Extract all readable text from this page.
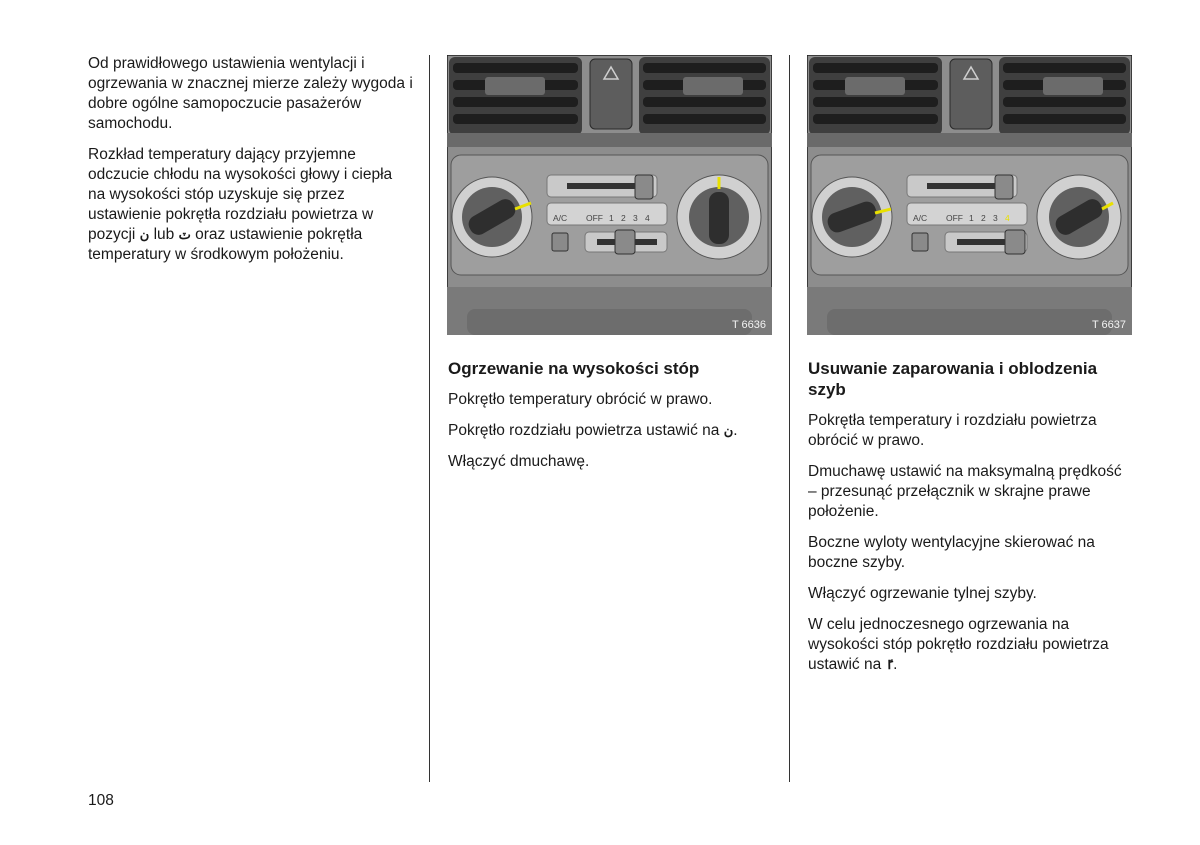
Od prawidłowego ustawienia wentylacji i ogrzewania w znacznej mierze zależy wygoda i dobre ogólne samopoczucie pasażerów samochodu.

Rozkład temperatury dający przyjemne odczucie chłodu na wysokości głowy i ciepła na wysokości stóp uzyskuje się przez ustawienie pokrętła rozdziału powietrza w pozycji ن lub ٽ oraz ustawienie pokrętła temperatury w środkowym położeniu.

A/C OFF 1 2 3 4
T 6636
A/C OFF 1 2 3 4
T 6637

Ogrzewanie na wysokości stóp

Pokrętło temperatury obrócić w prawo.

Pokrętło rozdziału powietrza ustawić na ن.

Włączyć dmuchawę.

Usuwanie zaparowania i oblodzenia szyb

Pokrętła temperatury i rozdziału powietrza obrócić w prawo.

Dmuchawę ustawić na maksymalną prędkość – przesunąć przełącznik w skrajne prawe położenie.

Boczne wyloty wentylacyjne skierować na boczne szyby.

Włączyć ogrzewanie tylnej szyby.

W celu jednoczesnego ogrzewania na wysokości stóp pokrętło rozdziału powietrza ustawić na ٵ.

108
